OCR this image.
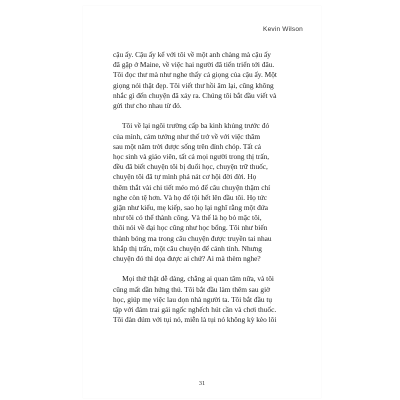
Kevin Wilson
cậu ấy. Cậu ấy kể với tôi về một anh chàng mà cậu ấy
đã gặp ở Maine, về việc hai người đã tiến triển tới đâu.
Tôi đọc thư mà như nghe thấy cả giọng của cậu ấy. Một
giọng nói thật đẹp. Tôi viết thư hồi âm lại, cũng không
nhắc gì đến chuyện đã xảy ra. Chúng tôi bắt đầu viết và
gửi thư cho nhau từ đó.
Tôi về lại ngôi trường cấp ba kinh khủng trước đó
của mình, cảm tưởng như thế trở về với việc thăm
sau một năm trời được sống trên đỉnh chóp. Tất cả
học sinh và giáo viên, tất cả mọi người trong thị trấn,
đều đã biết chuyện tôi bị đuổi học, chuyện trữ thuốc,
chuyện tôi đã tự mình phá nát cơ hội đời đời. Họ
thêm thắt vài chi tiết méo mó để câu chuyện thậm chí
nghe còn tệ hơn. Và họ để tội hết lên đầu tôi. Họ tức
giận như kiểu, mẹ kiếp, sao họ lại nghĩ rằng một đứa
như tôi có thể thành công. Và thế là họ bỏ mặc tôi,
thôi nói về đại học cũng như học bổng. Tôi như biến
thành bóng ma trong câu chuyện được truyền tai nhau
khắp thị trấn, một câu chuyện để cảnh tỉnh. Nhưng
chuyện đó thì dọa được ai chứ? Ai mà thèm nghe?
Mọi thứ thật dễ dàng, chẳng ai quan tâm nữa, và tôi
cũng mất dần hứng thú. Tôi bắt đầu làm thêm sau giờ
học, giúp mẹ việc lau dọn nhà người ta. Tôi bắt đầu tụ
tập với đám trai gái ngốc nghếch hút cần và chơi thuốc.
Tôi đàn đúm với tụi nó, miễn là tụi nó không kỳ kèo lôi
31
